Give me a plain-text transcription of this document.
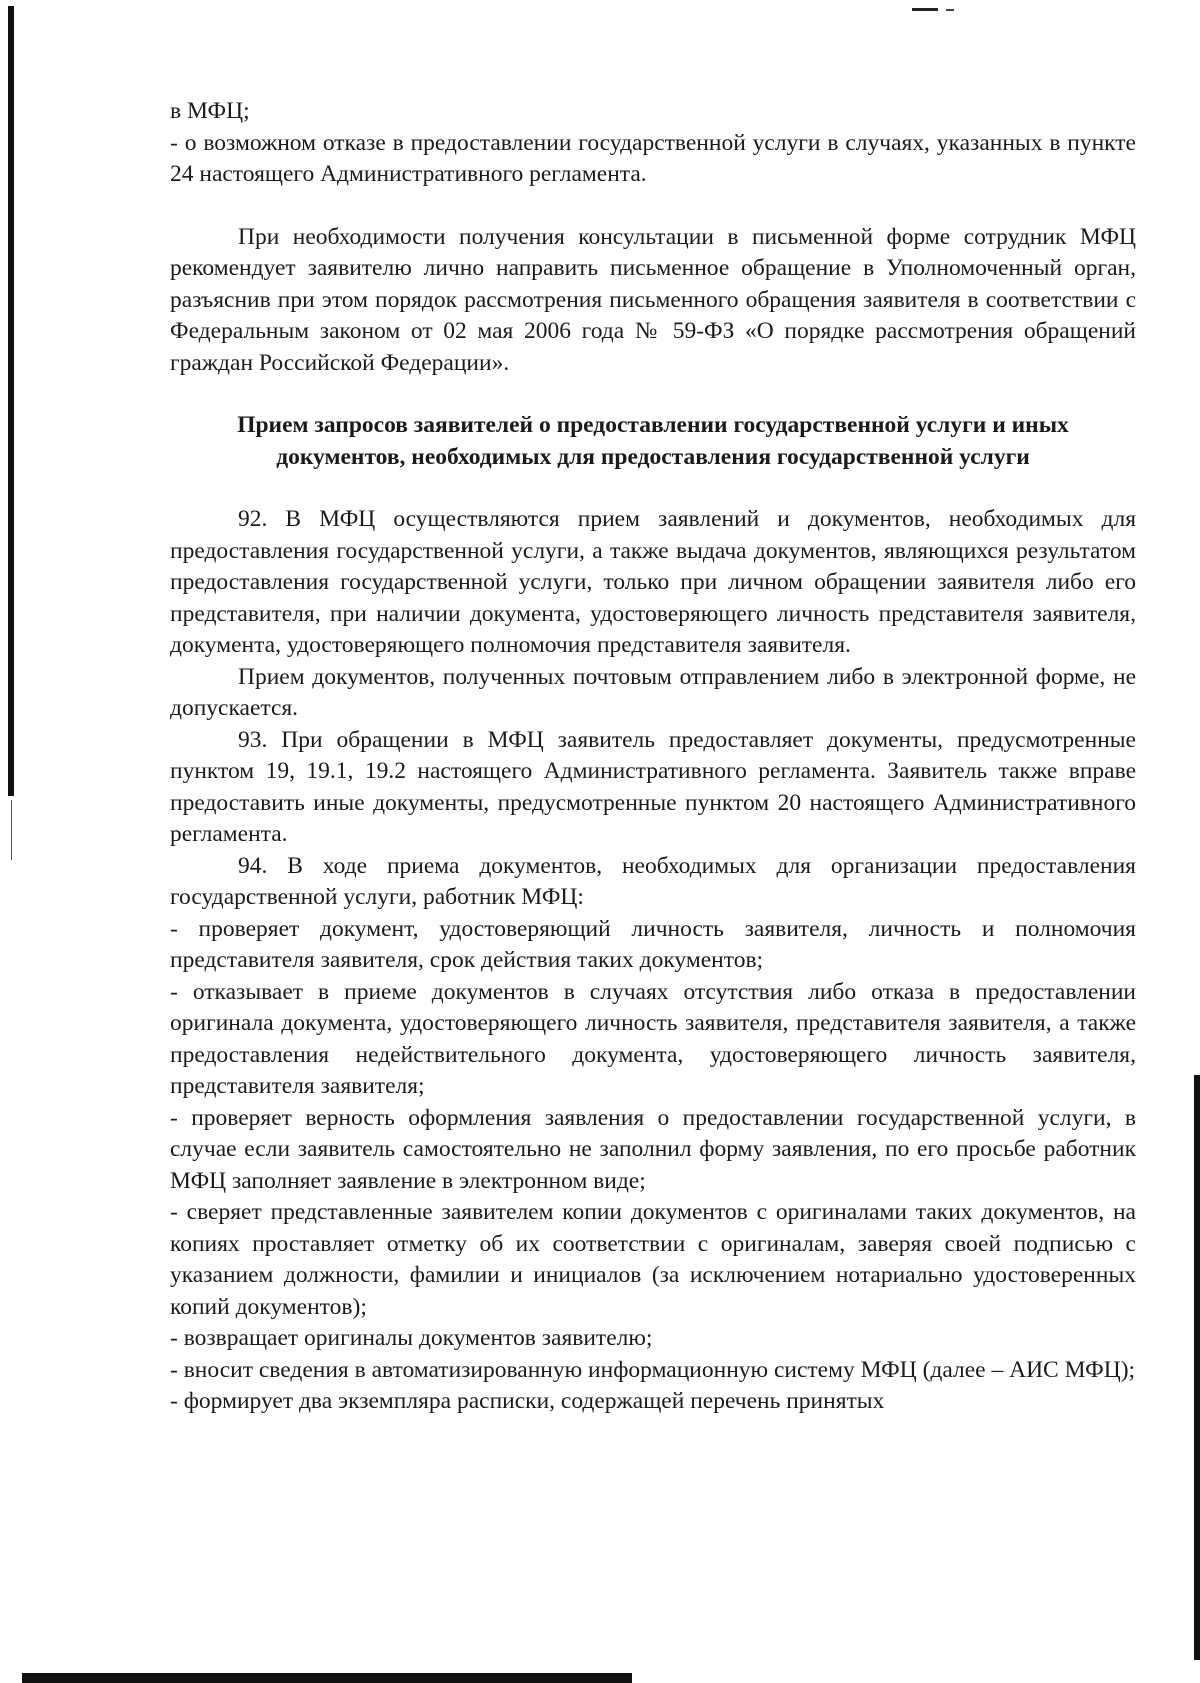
в МФЦ;

- о возможном отказе в предоставлении государственной услуги в случаях, указанных в пункте 24 настоящего Административного регламента.

При необходимости получения консультации в письменной форме сотрудник МФЦ рекомендует заявителю лично направить письменное обращение в Уполномоченный орган, разъяснив при этом порядок рассмотрения письменного обращения заявителя в соответствии с Федеральным законом от 02 мая 2006 года № 59-ФЗ «О порядке рассмотрения обращений граждан Российской Федерации».

Прием запросов заявителей о предоставлении государственной услуги и иных документов, необходимых для предоставления государственной услуги

92. В МФЦ осуществляются прием заявлений и документов, необходимых для предоставления государственной услуги, а также выдача документов, являющихся результатом предоставления государственной услуги, только при личном обращении заявителя либо его представителя, при наличии документа, удостоверяющего личность представителя заявителя, документа, удостоверяющего полномочия представителя заявителя.

Прием документов, полученных почтовым отправлением либо в электронной форме, не допускается.

93. При обращении в МФЦ заявитель предоставляет документы, предусмотренные пунктом 19, 19.1, 19.2 настоящего Административного регламента. Заявитель также вправе предоставить иные документы, предусмотренные пунктом 20 настоящего Административного регламента.

94. В ходе приема документов, необходимых для организации предоставления государственной услуги, работник МФЦ:

- проверяет документ, удостоверяющий личность заявителя, личность и полномочия представителя заявителя, срок действия таких документов;

- отказывает в приеме документов в случаях отсутствия либо отказа в предоставлении оригинала документа, удостоверяющего личность заявителя, представителя заявителя, а также предоставления недействительного документа, удостоверяющего личность заявителя, представителя заявителя;

- проверяет верность оформления заявления о предоставлении государственной услуги, в случае если заявитель самостоятельно не заполнил форму заявления, по его просьбе работник МФЦ заполняет заявление в электронном виде;

- сверяет представленные заявителем копии документов с оригиналами таких документов, на копиях проставляет отметку об их соответствии с оригиналам, заверяя своей подписью с указанием должности, фамилии и инициалов (за исключением нотариально удостоверенных копий документов);

- возвращает оригиналы документов заявителю;

- вносит сведения в автоматизированную информационную систему МФЦ (далее – АИС МФЦ);

- формирует два экземпляра расписки, содержащей перечень принятых
